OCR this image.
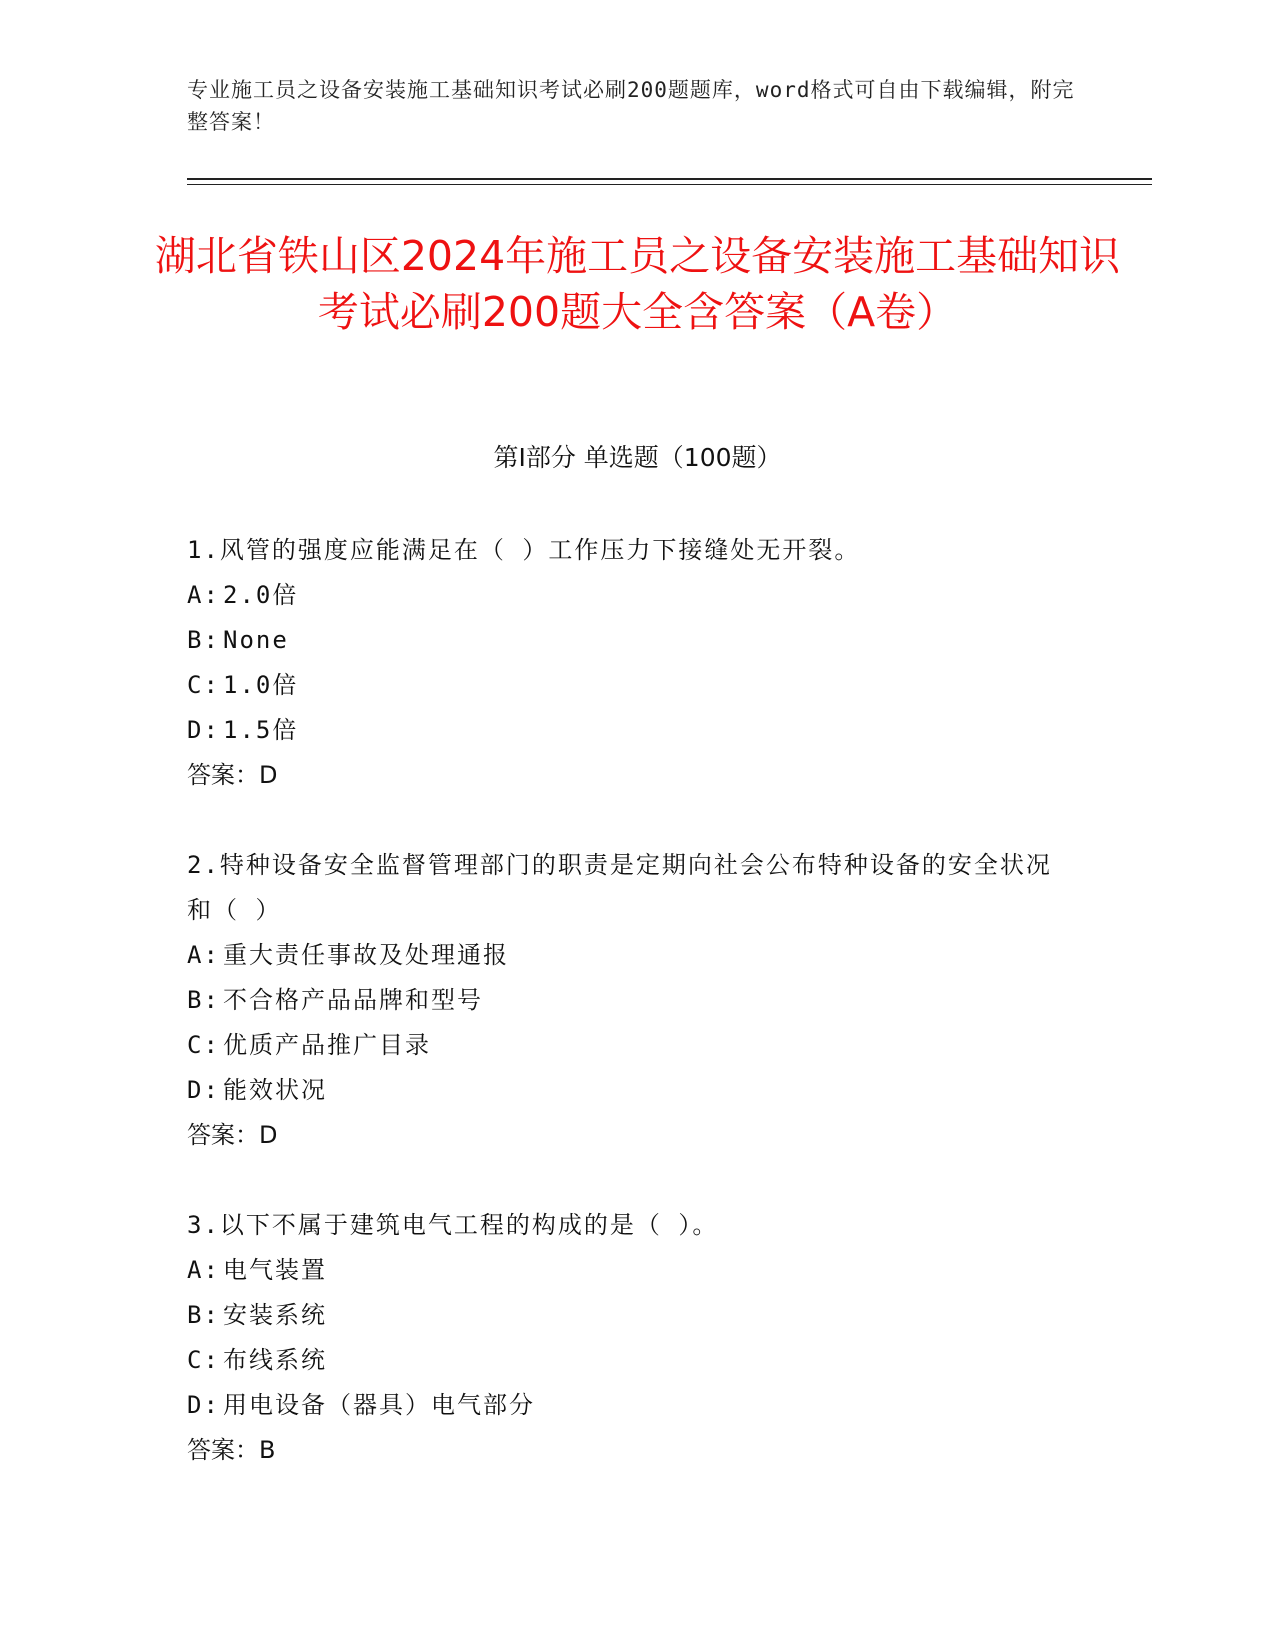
专业施工员之设备安装施工基础知识考试必刷200题题库，word格式可自由下载编辑，附完整答案！
湖北省铁山区2024年施工员之设备安装施工基础知识考试必刷200题大全含答案（A卷）
第I部分 单选题（100题）

1.风管的强度应能满足在（ ）工作压力下接缝处无开裂。

A: 2.0倍

B: None

C: 1.0倍

D: 1.5倍

答案：D

2.特种设备安全监督管理部门的职责是定期向社会公布特种设备的安全状况和（ ）

A: 重大责任事故及处理通报

B: 不合格产品品牌和型号

C: 优质产品推广目录

D: 能效状况

答案：D

3.以下不属于建筑电气工程的构成的是（ ）。

A: 电气装置

B: 安装系统

C: 布线系统

D: 用电设备（器具）电气部分

答案：B
